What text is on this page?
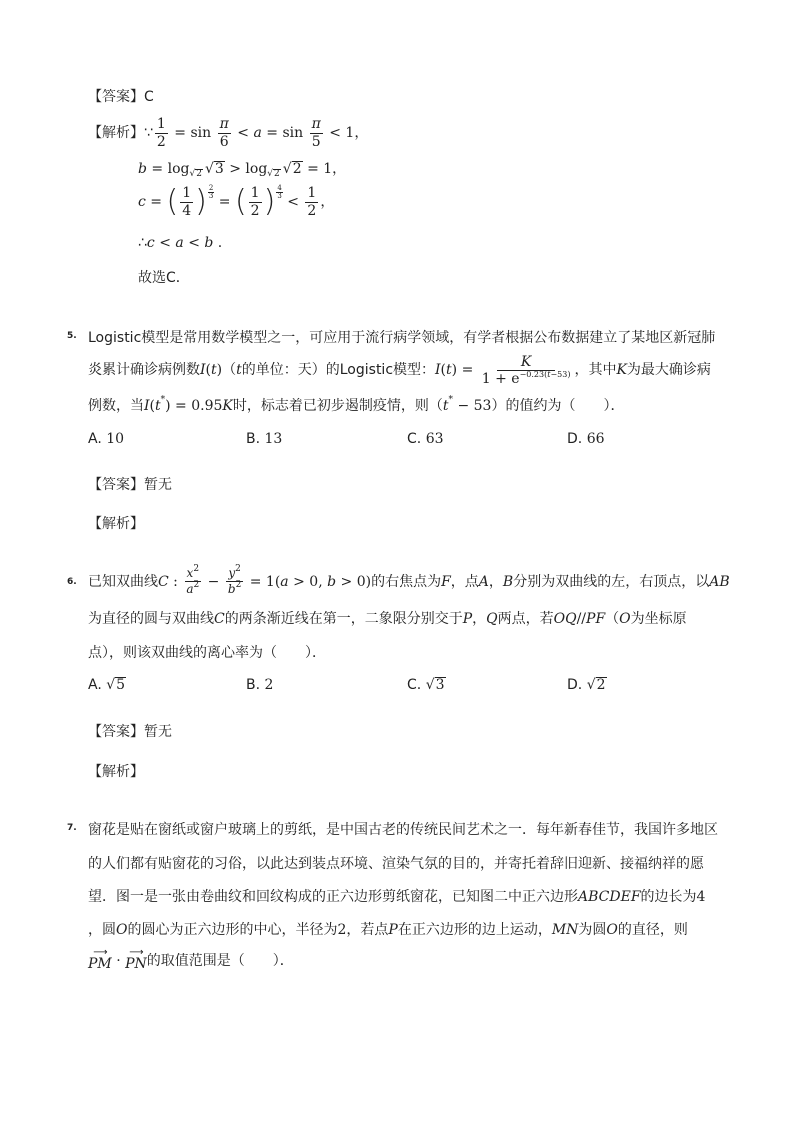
【答案】 C
【解析】 ∵ $\frac{1}{2} = \sin \frac{\pi}{6} < a = \sin \frac{\pi}{5} < 1$ ，
b = log √ 2 √ 3 > log √ 2 √ 2 = 1 ，
c = ( $\frac{1}{4}$ ) $\frac{2}{3}$
= ( $\frac{1}{2}$ ) $\frac{4}{3}$
< $\frac{1}{2}$ ，
∴ c < a < b
.
故选C．
5. Logistic模型是常用数学模型之一，可应用于流行病学领域，有学者根据公布数据建立了某地区新冠肺
炎累计确诊病例数 I ( t ) （ t 的单位：天）的Logistic模型： I ( t ) = $\frac{K}{1 + e^{-0.23(t-53)}}$ ，其中 K 为最大确诊病
例数，当 I ( t * ) = 0.95 K 时，标志着已初步遏制疫情，则（ t * − 53 ）的值约为（　　）．
A. 10	B. 13	C. 63	D. 66
【答案】 暂无
【解析】
6. 已知双曲线 C : $\frac{x^2}{a^2} - \frac{y^2}{b^2} = 1$( a > 0, b > 0) 的右焦点为 F ，点 A ， B 分别为双曲线的左，右顶点，以 AB
为直径的圆与双曲线 C 的两条渐近线在第一，二象限分别交于 P ， Q 两点，若 OQ // PF （ O 为坐标原
点），则该双曲线的离心率为（　　）．
A. √ 5	B. 2	C. √ 3	D. √ 2
【答案】 暂无
【解析】
7. 窗花是贴在窗纸或窗户玻璃上的剪纸，是中国古老的传统民间艺术之一．每年新春佳节，我国许多地区
的人们都有贴窗花的习俗，以此达到装点环境、渲染气氛的目的，并寄托着辞旧迎新、接福纳祥的愿
望．图一是一张由卷曲纹和回纹构成的正六边形剪纸窗花，已知图二中正六边形 ABCDEF 的边长为 4
，圆 O 的圆心为正六边形的中心，半径为 2 ，若点 P 在正六边形的边上运动， MN 为圆 O 的直径，则
⟶
PM ·
⟶
PN 的取值范围是（　　）．
